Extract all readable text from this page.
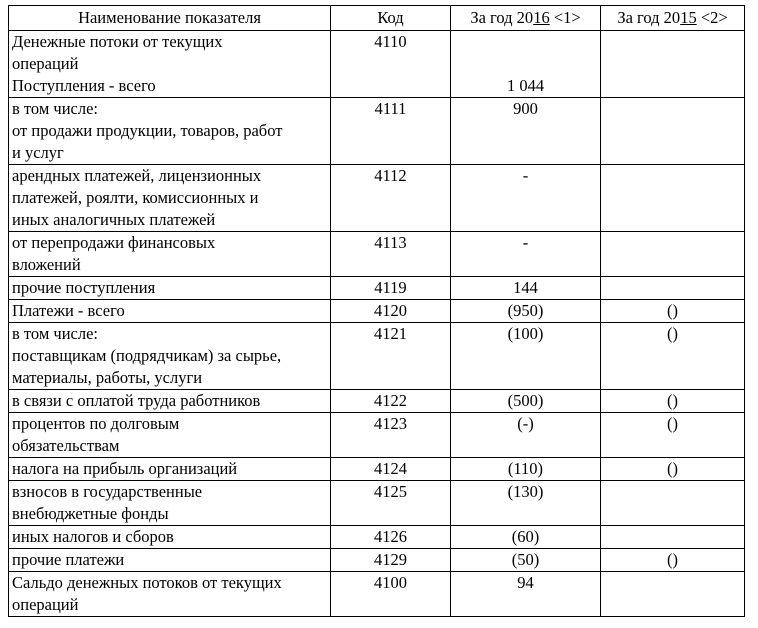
Наименование показателя	Код	За год 2016 <1>	За год 2015 <2>

Денежные потоки от текущих
операций
Поступления - всего	4110	1 044	

в том числе:
от продажи продукции, товаров, работ
и услуг	4111	900	

арендных платежей, лицензионных
платежей, роялти, комиссионных и
иных аналогичных платежей	4112	-	

от перепродажи финансовых
вложений	4113	-	

прочие поступления	4119	144	

Платежи - всего	4120	(950)	()

в том числе:
поставщикам (подрядчикам) за сырье,
материалы, работы, услуги	4121	(100)	()

в связи с оплатой труда работников	4122	(500)	()

процентов по долговым
обязательствам	4123	(-)	()

налога на прибыль организаций	4124	(110)	()

взносов в государственные
внебюджетные фонды	4125	(130)	

иных налогов и сборов	4126	(60)	

прочие платежи	4129	(50)	()

Сальдо денежных потоков от текущих
операций	4100	94	
